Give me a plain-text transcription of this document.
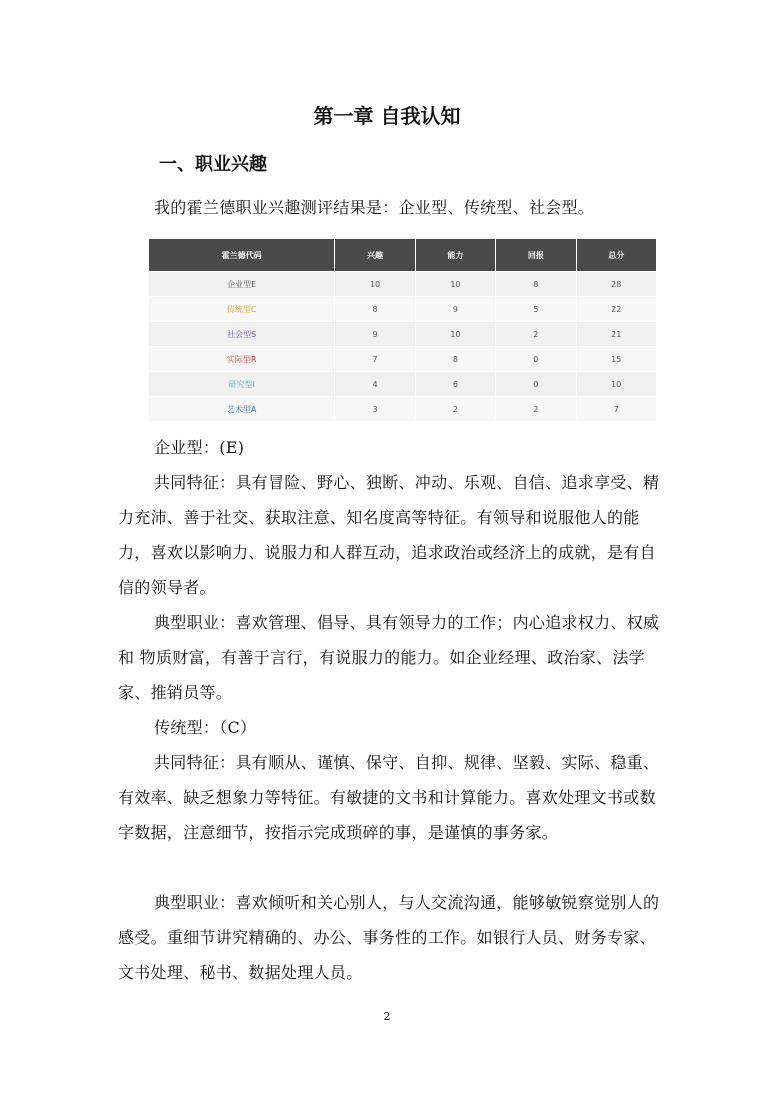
第一章 自我认知
一、职业兴趣

我的霍兰德职业兴趣测评结果是：企业型、传统型、社会型。

霍兰德代码	兴趣	能力	回报	总分
企业型E	10	10	8	28
传统型C	8	9	5	22
社会型S	9	10	2	21
实际型R	7	8	0	15
研究型I	4	6	0	10
艺术型A	3	2	2	7

企业型：(E)

共同特征：具有冒险、野心、独断、冲动、乐观、自信、追求享受、精力充沛、善于社交、获取注意、知名度高等特征。有领导和说服他人的能力，喜欢以影响力、说服力和人群互动，追求政治或经济上的成就，是有自信的领导者。

典型职业：喜欢管理、倡导、具有领导力的工作；内心追求权力、权威和 物质财富，有善于言行，有说服力的能力。如企业经理、政治家、法学家、推销员等。

传统型：（C）

共同特征：具有顺从、谨慎、保守、自抑、规律、坚毅、实际、稳重、有效率、缺乏想象力等特征。有敏捷的文书和计算能力。喜欢处理文书或数字数据，注意细节，按指示完成琐碎的事，是谨慎的事务家。

典型职业：喜欢倾听和关心别人，与人交流沟通，能够敏锐察觉别人的感受。重细节讲究精确的、办公、事务性的工作。如银行人员、财务专家、文书处理、秘书、数据处理人员。

2
